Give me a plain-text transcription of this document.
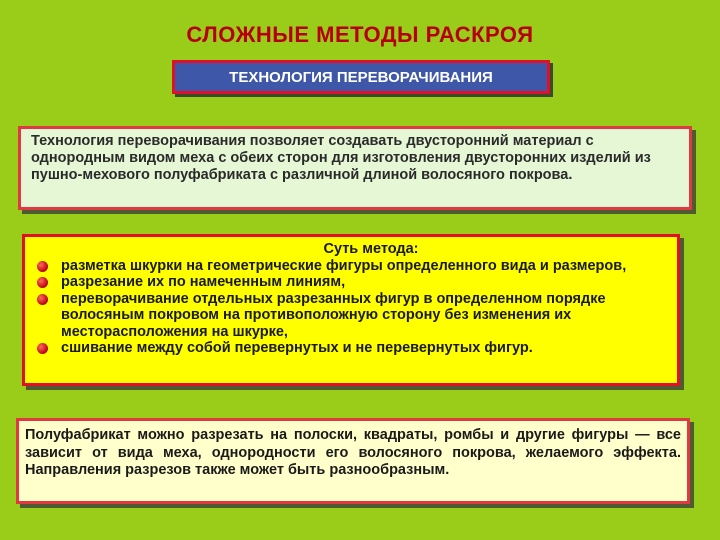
СЛОЖНЫЕ МЕТОДЫ РАСКРОЯ
ТЕХНОЛОГИЯ ПЕРЕВОРАЧИВАНИЯ
Технология переворачивания позволяет создавать двусторонний материал с однородным видом меха с обеих сторон для изготовления двусторонних изделий из пушно-мехового полуфабриката с различной длиной волосяного покрова.
Суть метода:
разметка шкурки на геометрические фигуры определенного вида и размеров,
разрезание их по намеченным линиям,
переворачивание отдельных разрезанных фигур в определенном порядке волосяным покровом на противоположную сторону без изменения их месторасположения на шкурке,
сшивание между собой перевернутых и не перевернутых фигур.
Полуфабрикат можно разрезать на полоски, квадраты, ромбы и другие фигуры — все зависит от вида меха, однородности его волосяного покрова, желаемого эффекта. Направления разрезов также может быть разнообразным.
